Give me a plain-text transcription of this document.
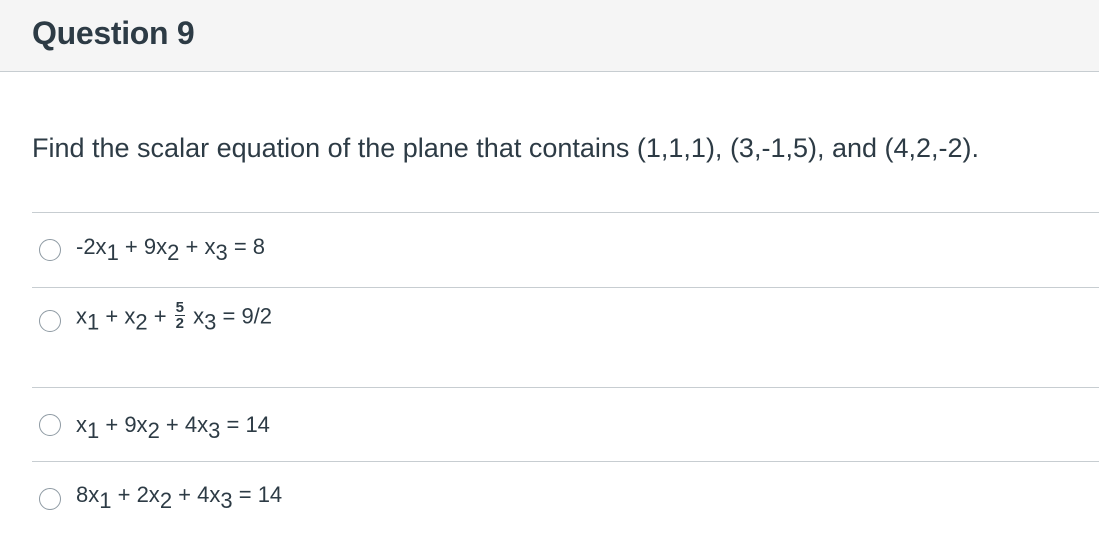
Question 9
Find the scalar equation of the plane that contains (1,1,1), (3,-1,5), and (4,2,-2).
$-2x_1 + 9x_2 + x_3 = 8$
$x_1 + x_2 + \frac{5}{2} x_3 = 9/2$
$x_1 + 9x_2 + 4x_3 = 14$
$8x_1 + 2x_2 + 4x_3 = 14$
